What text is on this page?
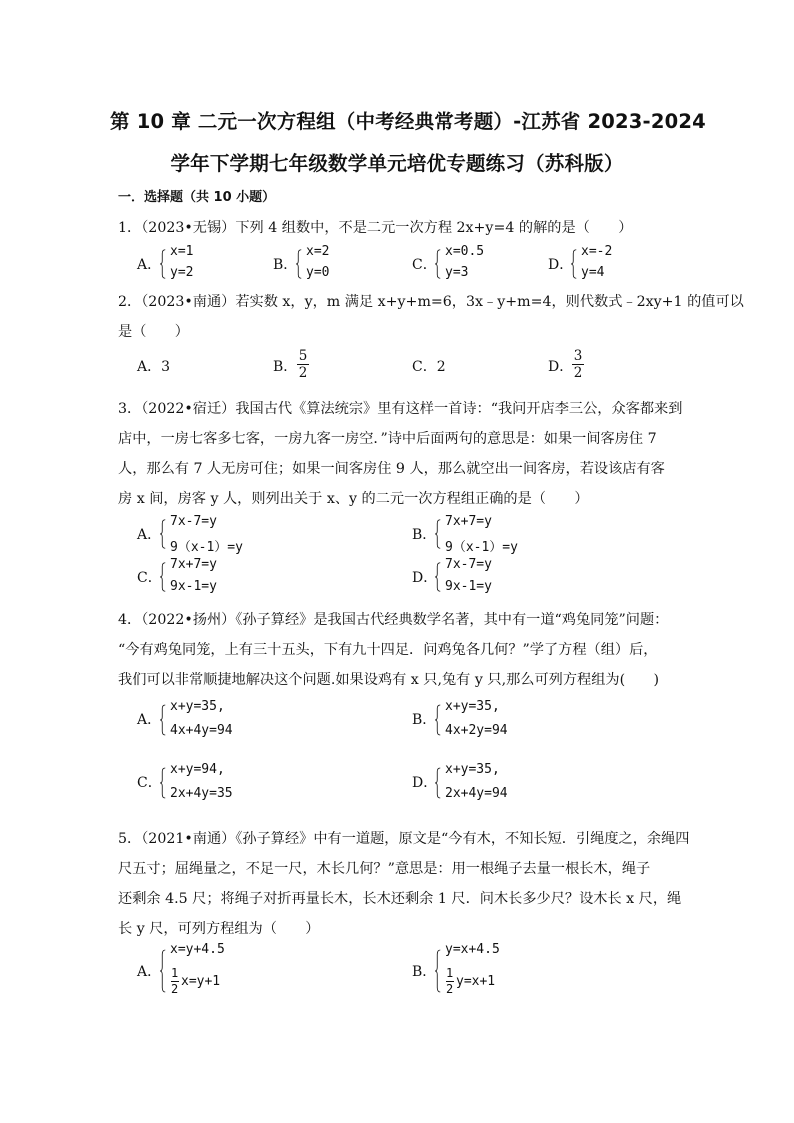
第 10 章 二元一次方程组（中考经典常考题）-江苏省 2023-2024
学年下学期七年级数学单元培优专题练习（苏科版）
一．选择题（共 10 小题）
1．（2023•无锡）下列 4 组数中，不是二元一次方程 2x+y=4 的解的是（　　）
A．
x=1
y=2	B．
x=2
y=0	C．
x=0.5
y=3	D．
x=-2
y=4
2．（2023•南通）若实数 x，y，m 满足 x+y+m=6，3x﹣y+m=4，则代数式﹣2xy+1 的值可以
是（　　）
A．3	B．
5
2	C．2	D．
3
2
3．（2022•宿迁）我国古代《算法统宗》里有这样一首诗：“我问开店李三公，众客都来到
店中，一房七客多七客，一房九客一房空．”诗中后面两句的意思是：如果一间客房住 7
人，那么有 7 人无房可住；如果一间客房住 9 人，那么就空出一间客房，若设该店有客
房 x 间，房客 y 人，则列出关于 x、y 的二元一次方程组正确的是（　　）
A．
7x-7=y
9（x-1）=y
B．
7x+7=y
9（x-1）=y
C．
7x+7=y
9x-1=y
D．
7x-7=y
9x-1=y
4．（2022•扬州）《孙子算经》是我国古代经典数学名著，其中有一道“鸡兔同笼”问题：
“今有鸡兔同笼，上有三十五头，下有九十四足．问鸡兔各几何？”学了方程（组）后，
我们可以非常顺捷地解决这个问题.如果设鸡有 x 只,兔有 y 只,那么可列方程组为(　　)
A．
x+y=35,
4x+4y=94
B．
x+y=35,
4x+2y=94
C．
x+y=94,
2x+4y=35
D．
x+y=35,
2x+4y=94
5．（2021•南通）《孙子算经》中有一道题，原文是“今有木，不知长短．引绳度之，余绳四
尺五寸；屈绳量之，不足一尺，木长几何？”意思是：用一根绳子去量一根长木，绳子
还剩余 4.5 尺；将绳子对折再量长木，长木还剩余 1 尺．问木长多少尺？设木长 x 尺，绳
长 y 尺，可列方程组为（　　）
A．
x=y+4.5
1
2 x=y+1
B．
y=x+4.5
1
2 y=x+1
